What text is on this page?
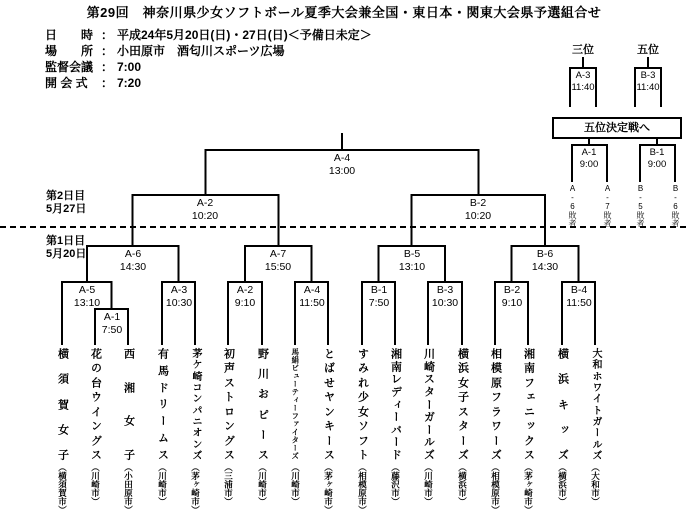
第29回　神奈川県少女ソフトボール夏季大会兼全国・東日本・関東大会県予選組合せ
日　　時 ： 平成24年5月20日(日)・27日(日)＜予備日未定＞
場　　所 ： 小田原市　酒匂川スポーツ広場
監督会議 ： 7:00
開 会 式 ： 7:20
第2日目
5月27日
第1日目
5月20日
三位	五位
A-3
11:40
B-3
11:40
五位決定戦へ
A-1
9:00
B-1
9:00
A-6敗者	A-7敗者	B-5敗者	B-6敗者
A-4
13:00
A-2
10:20
B-2
10:20
A-6
14:30
A-7
15:50
B-5
13:10
B-6
14:30
A-5
13:10
A-1
7:50
A-3
10:30
A-2
9:10
A-4
11:50
B-1
7:50
B-3
10:30
B-2
9:10
B-4
11:50
横
須
賀
女
子
（横須賀市）
花
の
台
ウ
イ
ン
グ
ス
（川崎市）
西
湘
女
子
（小田原市）
有
馬
ド
リ
ー
ム
ス
（川崎市）
茅
ケ
崎
コ
ン
パ
ニ
オ
ン
ズ
（茅ヶ崎市）
初
声
ス
ト
ロ
ン
グ
ス
（三浦市）
野
川
お
ピ
ー
ス
（川崎市）
馬
絹
ビ
ュ
ー
テ
ィ
ー
フ
ァ
イ
タ
ー
ズ
（川崎市）
と
ば
せ
ヤ
ン
キ
ー
ス
（茅ヶ崎市）
す
み
れ
少
女
ソ
フ
ト
（相模原市）
湘
南
レ
デ
ィ
ー
バ
ー
ド
（藤沢市）
川
崎
ス
タ
ー
ガ
ー
ル
ズ
（川崎市）
横
浜
女
子
ス
タ
ー
ズ
（横浜市）
相
模
原
フ
ラ
ワ
ー
ズ
（相模原市）
湘
南
フ
ェ
ニ
ッ
ク
ス
（茅ヶ崎市）
横
浜
キ
ッ
ズ
（横浜市）
大
和
ホ
ワ
イ
ト
ガ
ー
ル
ズ
（大和市）
